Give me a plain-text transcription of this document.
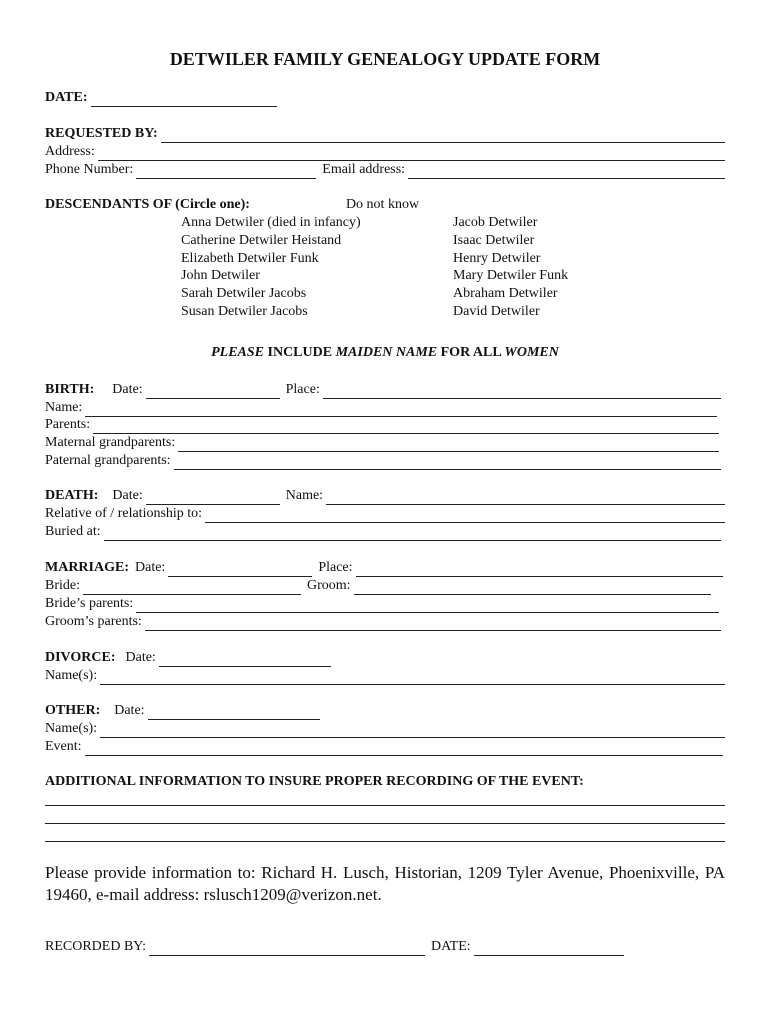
DETWILER FAMILY GENEALOGY UPDATE FORM
DATE:
REQUESTED BY:
Address:
Phone Number:	Email address:
DESCENDANTS OF (Circle one):	Do not know
Anna Detwiler (died in infancy)
Catherine Detwiler Heistand
Elizabeth Detwiler Funk
John Detwiler
Sarah Detwiler Jacobs
Susan Detwiler Jacobs
Jacob Detwiler
Isaac Detwiler
Henry Detwiler
Mary Detwiler Funk
Abraham Detwiler
David Detwiler
PLEASE INCLUDE MAIDEN NAME FOR ALL WOMEN
BIRTH: Date:	Place:
Name:
Parents:
Maternal grandparents:
Paternal grandparents:
DEATH: Date:	Name:
Relative of / relationship to:
Buried at:
MARRIAGE: Date:	Place:
Bride:	Groom:
Bride’s parents:
Groom’s parents:
DIVORCE: Date:
Name(s):
OTHER: Date:
Name(s):
Event:
ADDITIONAL INFORMATION TO INSURE PROPER RECORDING OF THE EVENT:
Please provide information to: Richard H. Lusch, Historian, 1209 Tyler Avenue, Phoenixville, PA 19460, e-mail address: rslusch1209@verizon.net.
RECORDED BY:	DATE:
